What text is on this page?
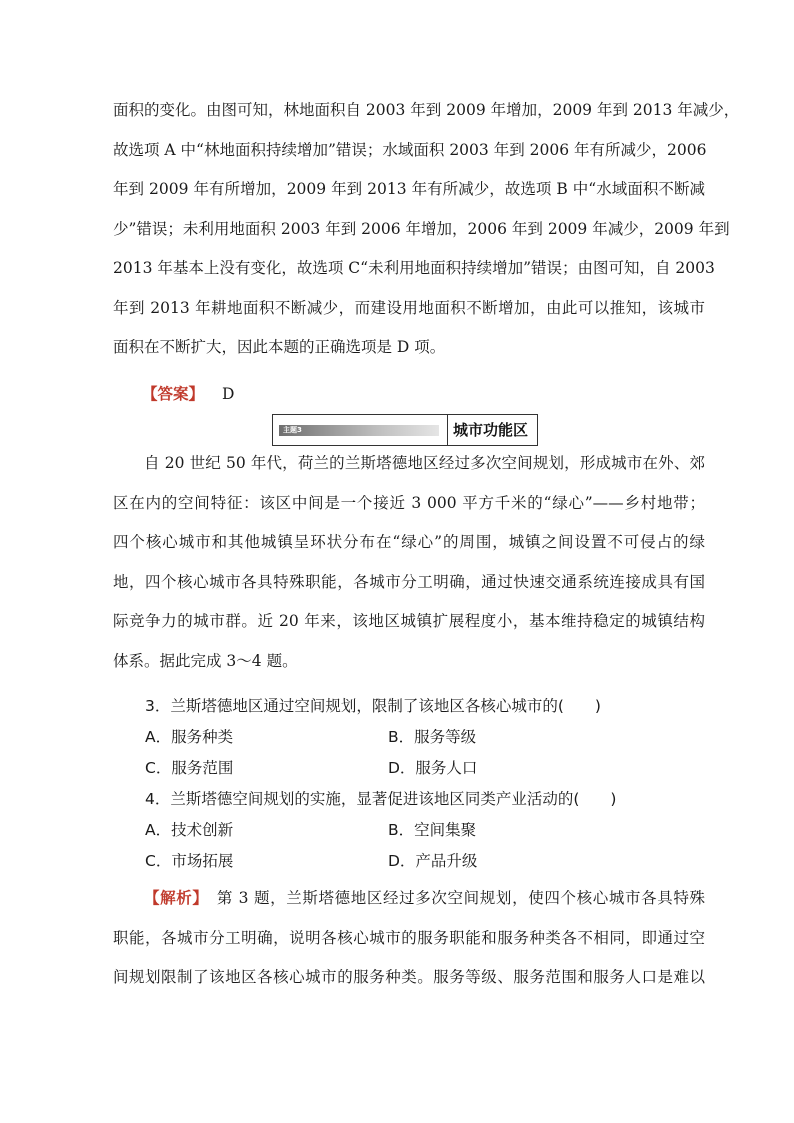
面积的变化。由图可知，林地面积自 2003 年到 2009 年增加，2009 年到 2013 年减少，
故选项 A 中“林地面积持续增加”错误；水域面积 2003 年到 2006 年有所减少，2006
年到 2009 年有所增加，2009 年到 2013 年有所减少，故选项 B 中“水域面积不断减
少”错误；未利用地面积 2003 年到 2006 年增加，2006 年到 2009 年减少，2009 年到
2013 年基本上没有变化，故选项 C“未利用地面积持续增加”错误；由图可知，自 2003
年到 2013 年耕地面积不断减少，而建设用地面积不断增加，由此可以推知，该城市
面积在不断扩大，因此本题的正确选项是 D 项。
【答案】 D
主题3	城市功能区
自 20 世纪 50 年代，荷兰的兰斯塔德地区经过多次空间规划，形成城市在外、郊
区在内的空间特征：该区中间是一个接近 3 000 平方千米的“绿心”——乡村地带；
四个核心城市和其他城镇呈环状分布在“绿心”的周围，城镇之间设置不可侵占的绿
地，四个核心城市各具特殊职能，各城市分工明确，通过快速交通系统连接成具有国
际竞争力的城市群。近 20 年来，该地区城镇扩展程度小，基本维持稳定的城镇结构
体系。据此完成 3～4 题。
3．兰斯塔德地区通过空间规划，限制了该地区各核心城市的(　　)
A．服务种类	B．服务等级
C．服务范围	D．服务人口
4．兰斯塔德空间规划的实施，显著促进该地区同类产业活动的(　　)
A．技术创新	B．空间集聚
C．市场拓展	D．产品升级
【解析】　 第 3 题，兰斯塔德地区经过多次空间规划，使四个核心城市各具特殊
职能，各城市分工明确，说明各核心城市的服务职能和服务种类各不相同，即通过空
间规划限制了该地区各核心城市的服务种类。服务等级、服务范围和服务人口是难以
